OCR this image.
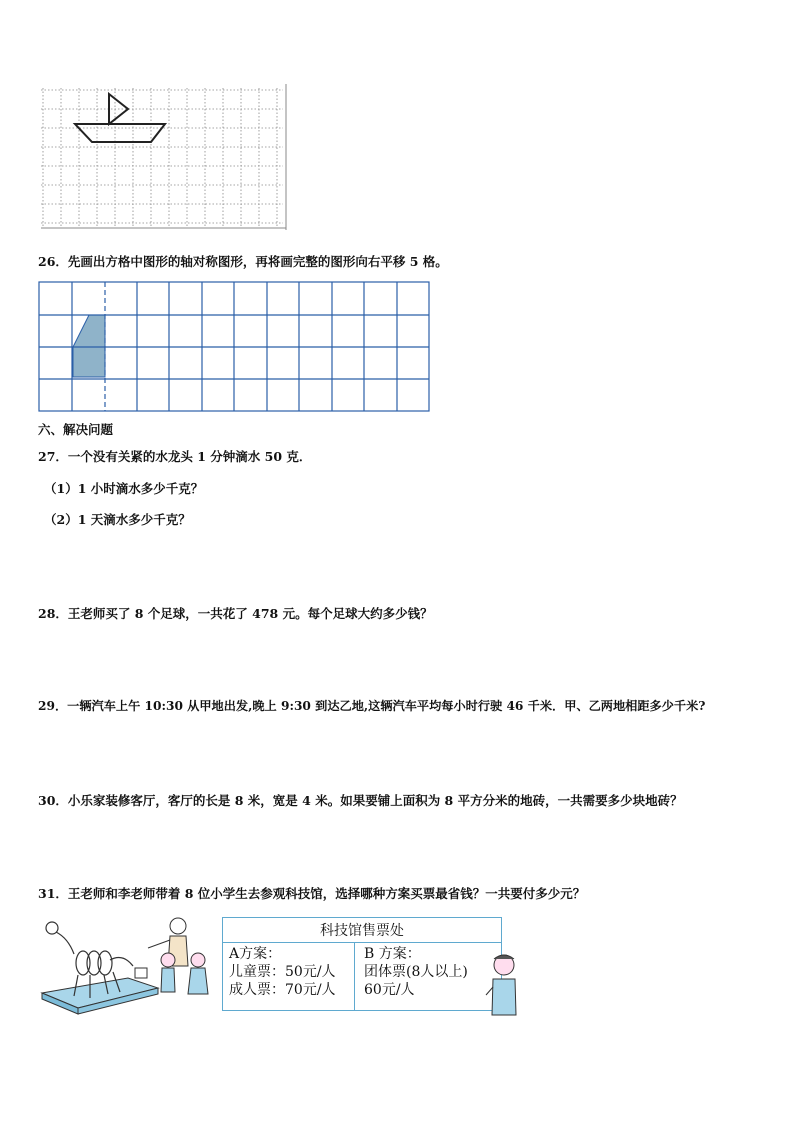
26．先画出方格中图形的轴对称图形，再将画完整的图形向右平移 5 格。
六、解决问题
27．一个没有关紧的水龙头 1 分钟滴水 50 克．
（1）1 小时滴水多少千克？
（2）1 天滴水多少千克？
28．王老师买了 8 个足球，一共花了 478 元。每个足球大约多少钱？
29．一辆汽车上午 10:30 从甲地出发,晚上 9:30 到达乙地,这辆汽车平均每小时行驶 46 千米．甲、乙两地相距多少千米?
30．小乐家装修客厅，客厅的长是 8 米，宽是 4 米。如果要铺上面积为 8 平方分米的地砖，一共需要多少块地砖？
31．王老师和李老师带着 8 位小学生去参观科技馆，选择哪种方案买票最省钱？一共要付多少元？
科技馆售票处
A方案：
儿童票：50元/人
成人票：70元/人
B 方案：
团体票(8人以上)
60元/人
